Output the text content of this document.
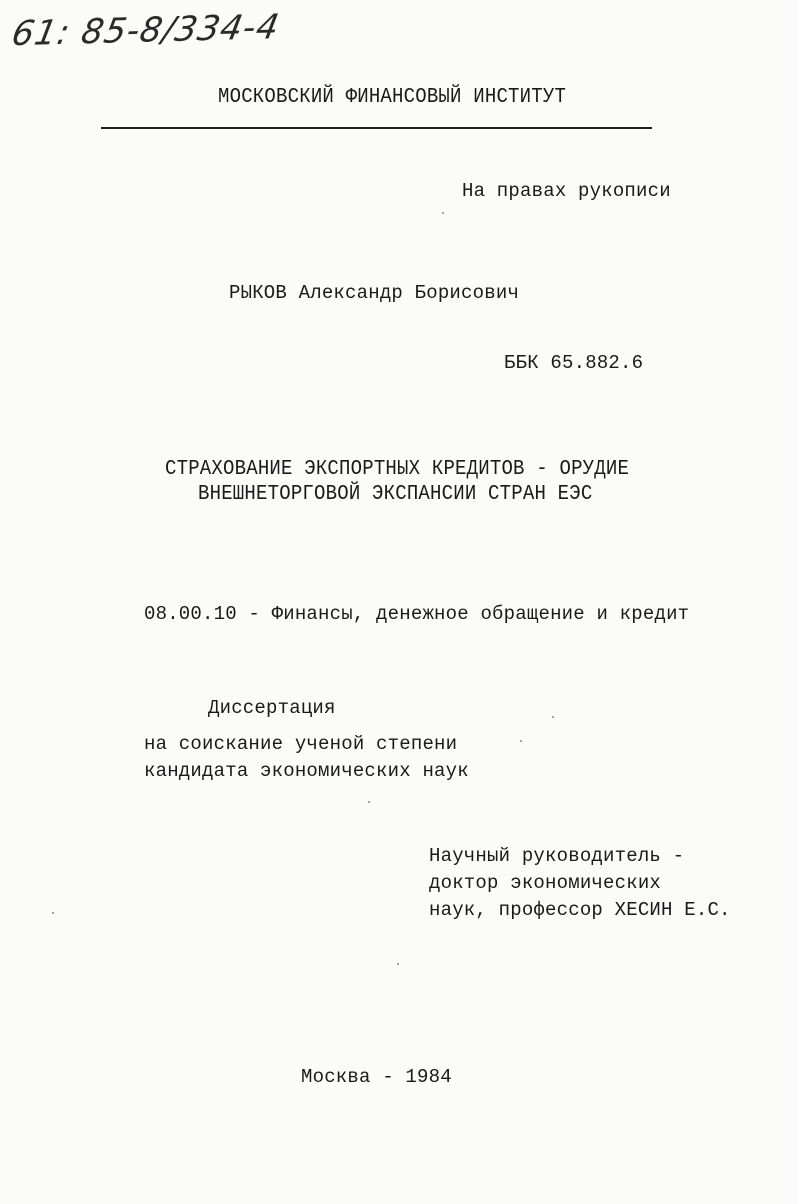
61: 85-8/334-4
МОСКОВСКИЙ ФИНАНСОВЫЙ ИНСТИТУТ
На правах рукописи
РЫКОВ Александр Борисович
ББК 65.882.6
СТРАХОВАНИЕ ЭКСПОРТНЫХ КРЕДИТОВ - ОРУДИЕ
ВНЕШНЕТОРГОВОЙ ЭКСПАНСИИ СТРАН ЕЭС
08.00.10 - Финансы, денежное обращение и кредит
Диссертация
на соискание ученой степени
кандидата экономических наук
Научный руководитель -
доктор экономических
наук, профессор ХЕСИН Е.С.
Москва - 1984
